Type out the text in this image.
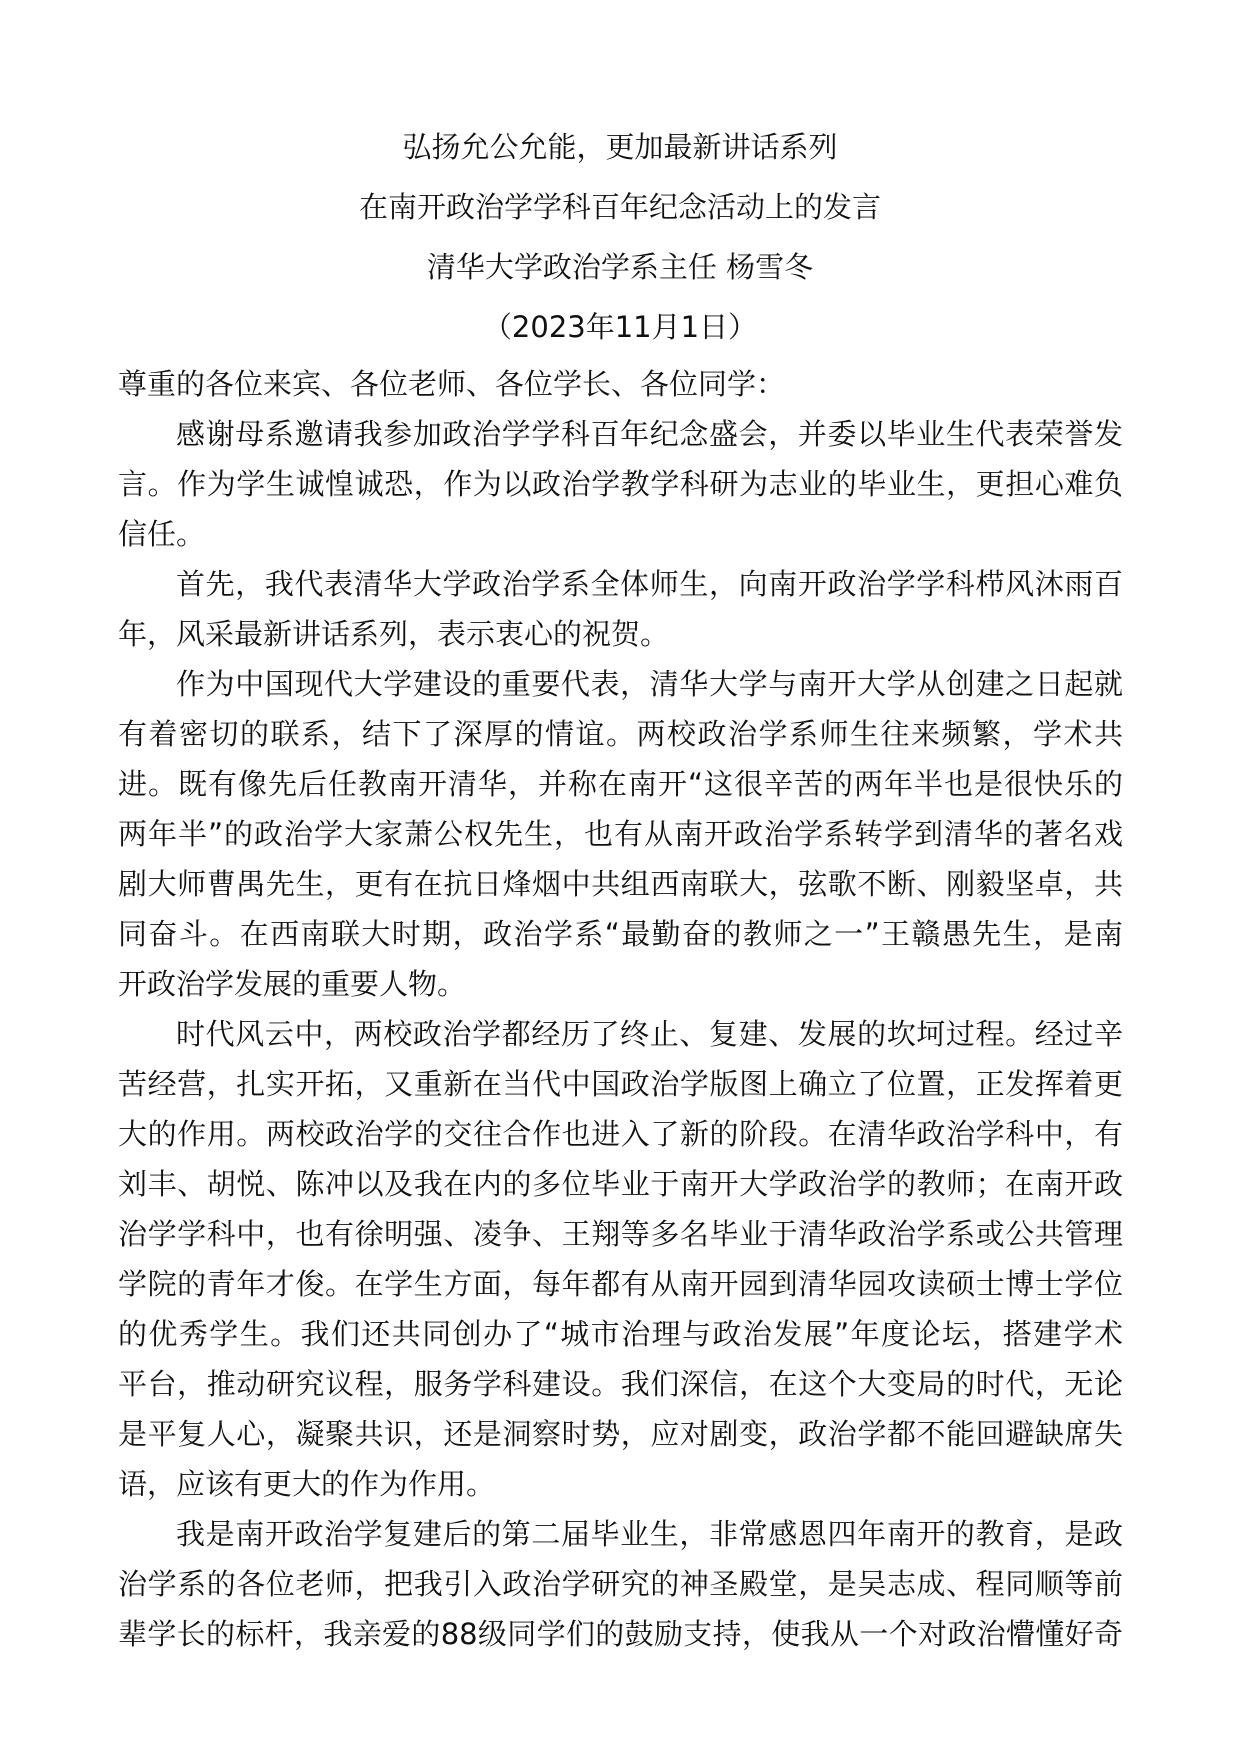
弘扬允公允能，更加最新讲话系列
在南开政治学学科百年纪念活动上的发言
清华大学政治学系主任 杨雪冬
（2023年11月1日）
尊重的各位来宾、各位老师、各位学长、各位同学：
感谢母系邀请我参加政治学学科百年纪念盛会，并委以毕业生代表荣誉发
言。作为学生诚惶诚恐，作为以政治学教学科研为志业的毕业生，更担心难负
信任。
首先，我代表清华大学政治学系全体师生，向南开政治学学科栉风沐雨百
年，风采最新讲话系列，表示衷心的祝贺。
作为中国现代大学建设的重要代表，清华大学与南开大学从创建之日起就
有着密切的联系，结下了深厚的情谊。两校政治学系师生往来频繁，学术共
进。既有像先后任教南开清华，并称在南开“这很辛苦的两年半也是很快乐的
两年半”的政治学大家萧公权先生，也有从南开政治学系转学到清华的著名戏
剧大师曹禺先生，更有在抗日烽烟中共组西南联大，弦歌不断、刚毅坚卓，共
同奋斗。在西南联大时期，政治学系“最勤奋的教师之一”王赣愚先生，是南
开政治学发展的重要人物。
时代风云中，两校政治学都经历了终止、复建、发展的坎坷过程。经过辛
苦经营，扎实开拓，又重新在当代中国政治学版图上确立了位置，正发挥着更
大的作用。两校政治学的交往合作也进入了新的阶段。在清华政治学科中，有
刘丰、胡悦、陈冲以及我在内的多位毕业于南开大学政治学的教师；在南开政
治学学科中，也有徐明强、凌争、王翔等多名毕业于清华政治学系或公共管理
学院的青年才俊。在学生方面，每年都有从南开园到清华园攻读硕士博士学位
的优秀学生。我们还共同创办了“城市治理与政治发展”年度论坛，搭建学术
平台，推动研究议程，服务学科建设。我们深信，在这个大变局的时代，无论
是平复人心，凝聚共识，还是洞察时势，应对剧变，政治学都不能回避缺席失
语，应该有更大的作为作用。
我是南开政治学复建后的第二届毕业生，非常感恩四年南开的教育，是政
治学系的各位老师，把我引入政治学研究的神圣殿堂，是吴志成、程同顺等前
辈学长的标杆，我亲爱的88级同学们的鼓励支持，使我从一个对政治懵懂好奇
